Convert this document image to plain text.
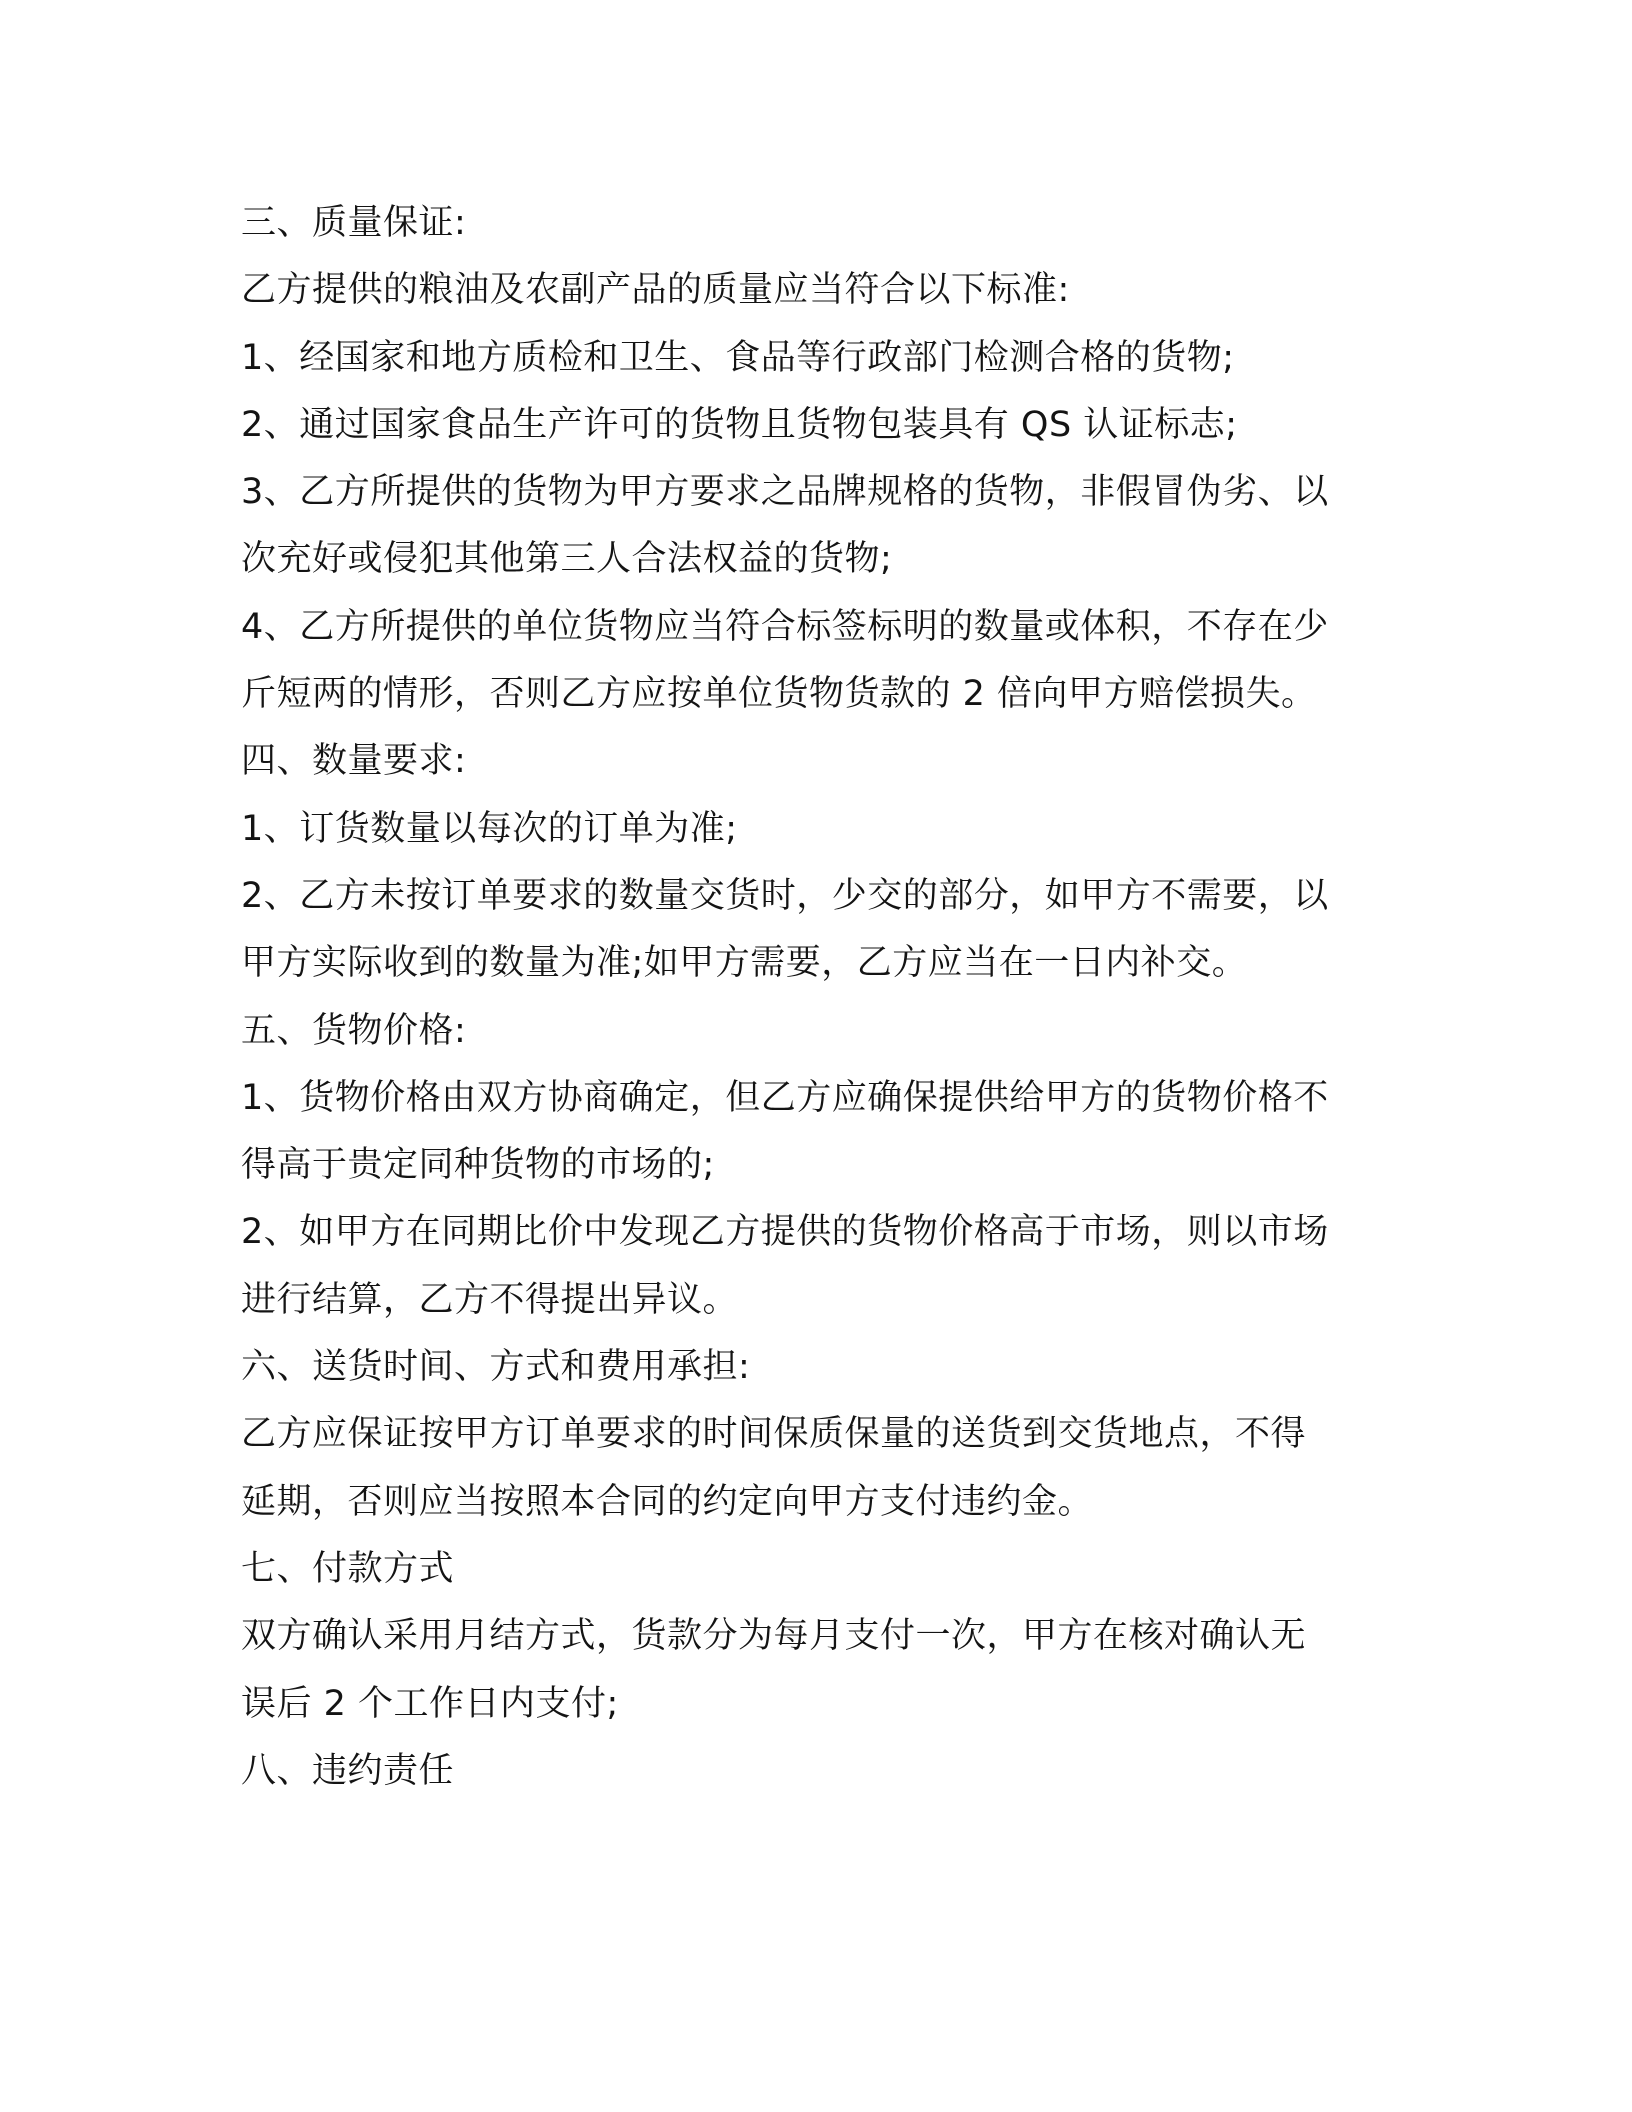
三、质量保证:
乙方提供的粮油及农副产品的质量应当符合以下标准:
1、经国家和地方质检和卫生、食品等行政部门检测合格的货物;
2、通过国家食品生产许可的货物且货物包装具有 QS 认证标志;
3、乙方所提供的货物为甲方要求之品牌规格的货物，非假冒伪劣、以
次充好或侵犯其他第三人合法权益的货物;
4、乙方所提供的单位货物应当符合标签标明的数量或体积，不存在少
斤短两的情形，否则乙方应按单位货物货款的 2 倍向甲方赔偿损失。
四、数量要求:
1、订货数量以每次的订单为准;
2、乙方未按订单要求的数量交货时，少交的部分，如甲方不需要，以
甲方实际收到的数量为准;如甲方需要，乙方应当在一日内补交。
五、货物价格:
1、货物价格由双方协商确定，但乙方应确保提供给甲方的货物价格不
得高于贵定同种货物的市场的;
2、如甲方在同期比价中发现乙方提供的货物价格高于市场，则以市场
进行结算，乙方不得提出异议。
六、送货时间、方式和费用承担:
乙方应保证按甲方订单要求的时间保质保量的送货到交货地点，不得
延期，否则应当按照本合同的约定向甲方支付违约金。
七、付款方式
双方确认采用月结方式，货款分为每月支付一次，甲方在核对确认无
误后 2 个工作日内支付;
八、违约责任
